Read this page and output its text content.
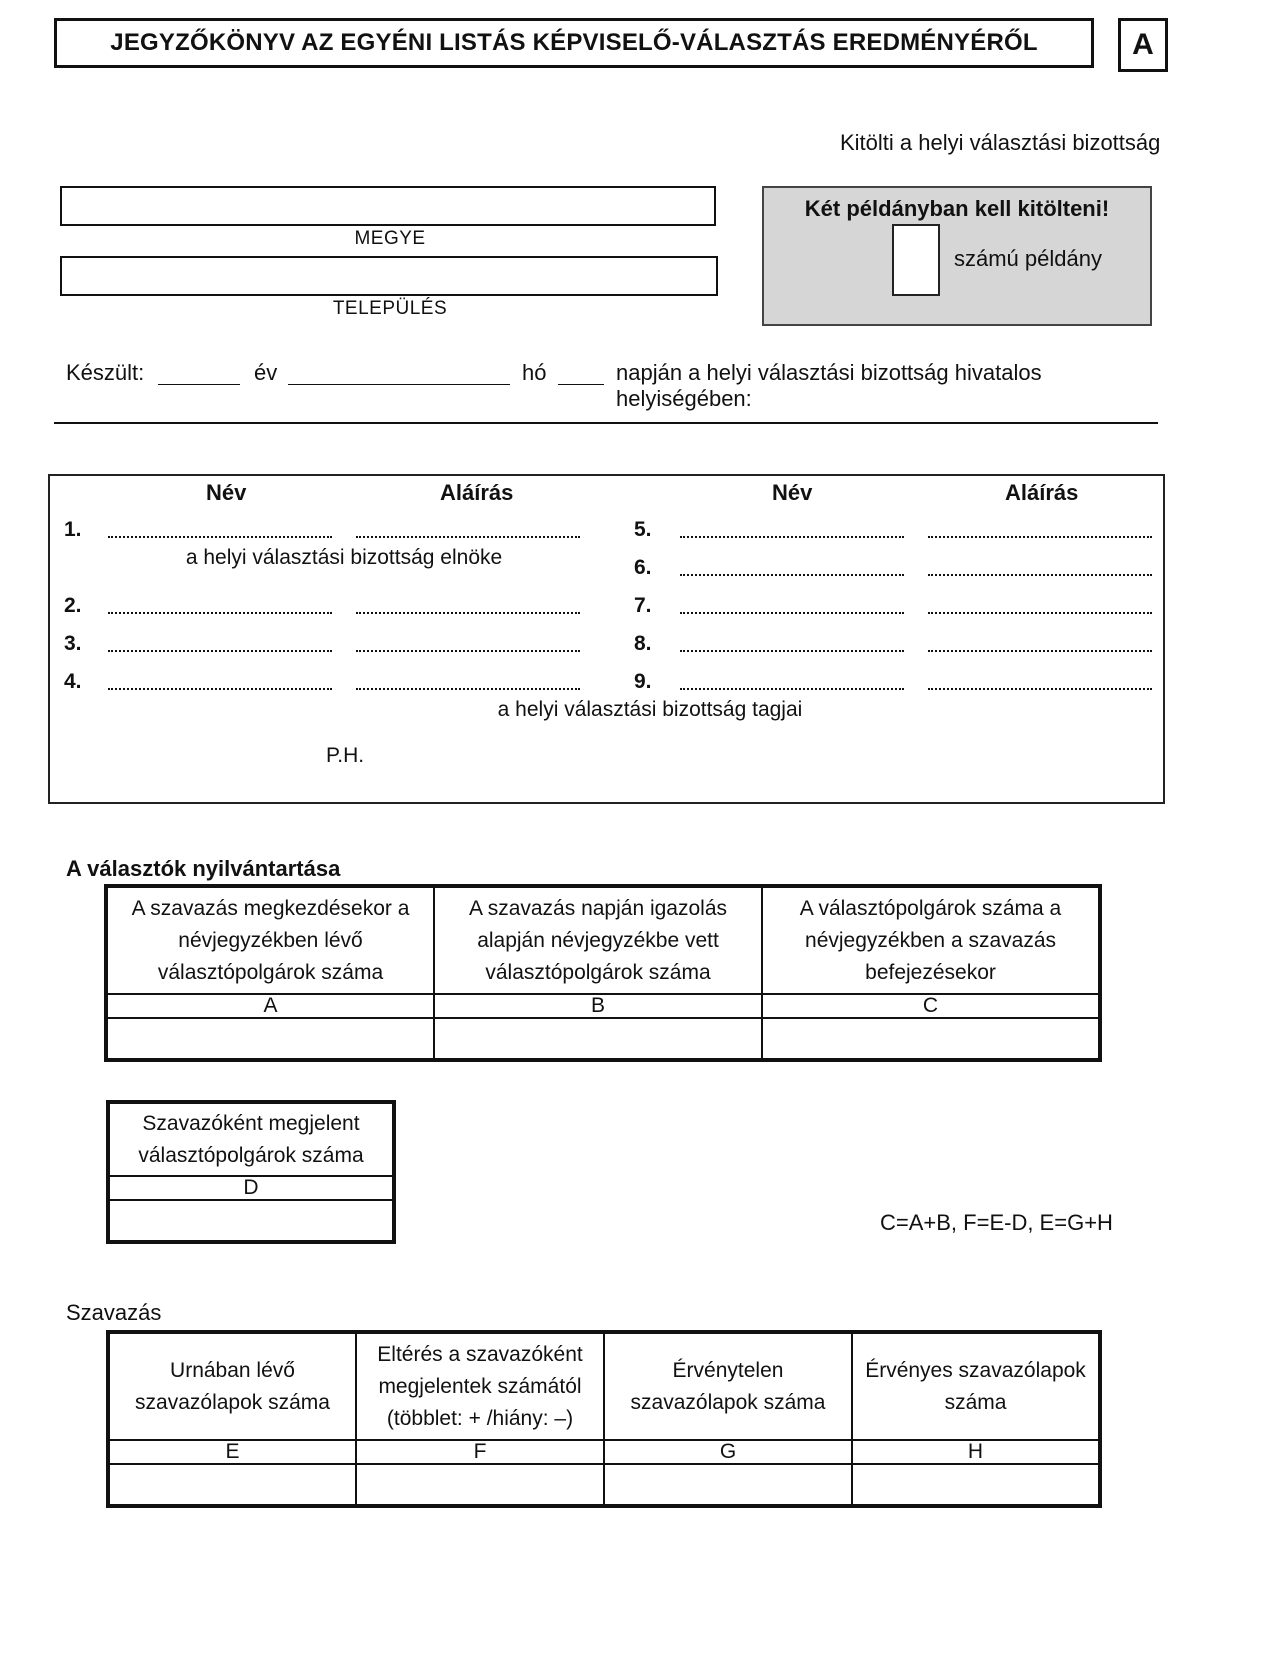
JEGYZŐKÖNYV AZ EGYÉNI LISTÁS KÉPVISELŐ-VÁLASZTÁS EREDMÉNYÉRŐL	A
Kitölti a helyi választási bizottság
MEGYE
TELEPÜLÉS
Két példányban kell kitölteni!
számú példány
Készült:	év	hó	napján a helyi választási bizottság hivatalos helyiségében:
Név	Aláírás	Név	Aláírás
1.
a helyi választási bizottság elnöke
2.
3.
4.
5.
6.
7.
8.
9.
a helyi választási bizottság tagjai
P.H.
A választók nyilvántartása
A szavazás megkezdésekor a névjegyzékben lévő választópolgárok száma	A szavazás napján igazolás alapján névjegyzékbe vett választópolgárok száma	A választópolgárok száma a névjegyzékben a szavazás befejezésekor
A	B	C

Szavazóként megjelent választópolgárok száma
D

C=A+B, F=E-D, E=G+H
Szavazás
Urnában lévő szavazólapok száma	Eltérés a szavazóként megjelentek számától (többlet: + /hiány: –)	Érvénytelen szavazólapok száma	Érvényes szavazólapok száma
E	F	G	H
